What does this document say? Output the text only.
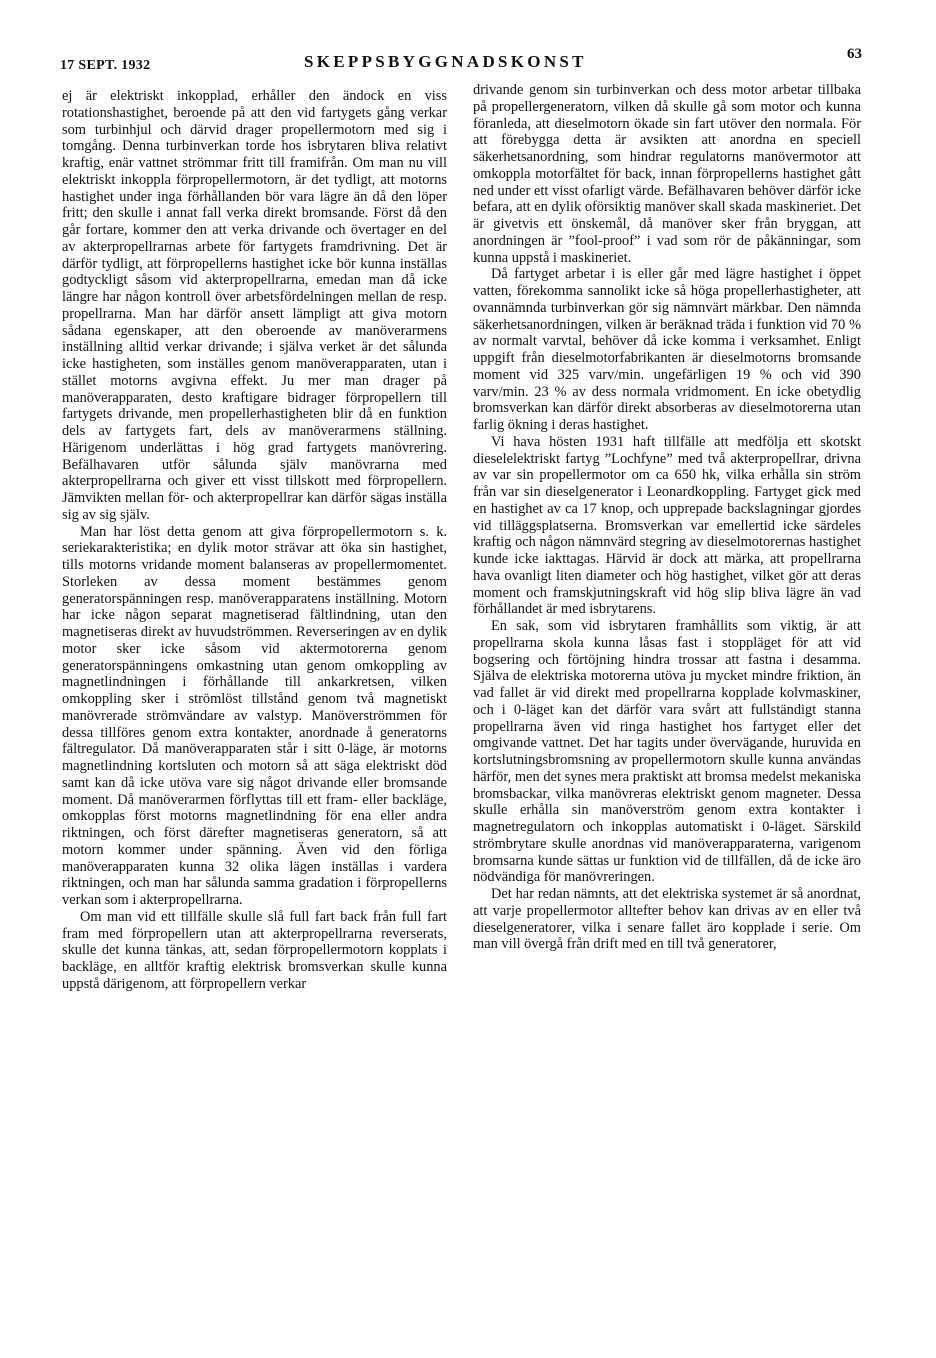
17 SEPT. 1932	SKEPPSBYGGNADSKONST	63

ej är elektriskt inkopplad, erhåller den ändock en viss rotationshastighet, beroende på att den vid fartygets gång verkar som turbinhjul och därvid drager propellermotorn med sig i tomgång. Denna turbinverkan torde hos isbrytaren bliva relativt kraftig, enär vattnet strömmar fritt till framifrån. Om man nu vill elektriskt inkoppla förpropellermotorn, är det tydligt, att motorns hastighet under inga förhållanden bör vara lägre än då den löper fritt; den skulle i annat fall verka direkt bromsande. Först då den går fortare, kommer den att verka drivande och övertager en del av akterpropellrarnas arbete för fartygets framdrivning. Det är därför tydligt, att förpropellerns hastighet icke bör kunna inställas godtyckligt såsom vid akterpropellrarna, emedan man då icke längre har någon kontroll över arbetsfördelningen mellan de resp. propellrarna. Man har därför ansett lämpligt att giva motorn sådana egenskaper, att den oberoende av manöverarmens inställning alltid verkar drivande; i själva verket är det sålunda icke hastigheten, som inställes genom manöverapparaten, utan i stället motorns avgivna effekt. Ju mer man drager på manöverapparaten, desto kraftigare bidrager förpropellern till fartygets drivande, men propellerhastigheten blir då en funktion dels av fartygets fart, dels av manöverarmens ställning. Härigenom underlättas i hög grad fartygets manövrering. Befälhavaren utför sålunda själv manövrarna med akterpropellrarna och giver ett visst tillskott med förpropellern. Jämvikten mellan för- och akterpropellrar kan därför sägas inställa sig av sig själv.

Man har löst detta genom att giva förpropellermotorn s. k. seriekarakteristika; en dylik motor strävar att öka sin hastighet, tills motorns vridande moment balanseras av propellermomentet. Storleken av dessa moment bestämmes genom generatorspänningen resp. manöverapparatens inställning. Motorn har icke någon separat magnetiserad fältlindning, utan den magnetiseras direkt av huvudströmmen. Reverseringen av en dylik motor sker icke såsom vid aktermotorerna genom generatorspänningens omkastning utan genom omkoppling av magnetlindningen i förhållande till ankarkretsen, vilken omkoppling sker i strömlöst tillstånd genom två magnetiskt manövrerade strömvändare av valstyp. Manöverströmmen för dessa tillföres genom extra kontakter, anordnade å generatorns fältregulator. Då manöverapparaten står i sitt 0-läge, är motorns magnetlindning kortsluten och motorn så att säga elektriskt död samt kan då icke utöva vare sig något drivande eller bromsande moment. Då manöverarmen förflyttas till ett fram- eller backläge, omkopplas först motorns magnetlindning för ena eller andra riktningen, och först därefter magnetiseras generatorn, så att motorn kommer under spänning. Även vid den förliga manöverapparaten kunna 32 olika lägen inställas i vardera riktningen, och man har sålunda samma gradation i förpropellerns verkan som i akterpropellrarna.

Om man vid ett tillfälle skulle slå full fart back från full fart fram med förpropellern utan att akterpropellrarna reverserats, skulle det kunna tänkas, att, sedan förpropellermotorn kopplats i backläge, en alltför kraftig elektrisk bromsverkan skulle kunna uppstå därigenom, att förpropellern verkar

drivande genom sin turbinverkan och dess motor arbetar tillbaka på propellergeneratorn, vilken då skulle gå som motor och kunna föranleda, att dieselmotorn ökade sin fart utöver den normala. För att förebygga detta är avsikten att anordna en speciell säkerhetsanordning, som hindrar regulatorns manövermotor att omkoppla motorfältet för back, innan förpropellerns hastighet gått ned under ett visst ofarligt värde. Befälhavaren behöver därför icke befara, att en dylik oförsiktig manöver skall skada maskineriet. Det är givetvis ett önskemål, då manöver sker från bryggan, att anordningen är ”fool-proof” i vad som rör de påkänningar, som kunna uppstå i maskineriet.

Då fartyget arbetar i is eller går med lägre hastighet i öppet vatten, förekomma sannolikt icke så höga propellerhastigheter, att ovannämnda turbinverkan gör sig nämnvärt märkbar. Den nämnda säkerhetsanordningen, vilken är beräknad träda i funktion vid 70 % av normalt varvtal, behöver då icke komma i verksamhet. Enligt uppgift från dieselmotorfabrikanten är dieselmotorns bromsande moment vid 325 varv/min. ungefärligen 19 % och vid 390 varv/min. 23 % av dess normala vridmoment. En icke obetydlig bromsverkan kan därför direkt absorberas av dieselmotorerna utan farlig ökning i deras hastighet.

Vi hava hösten 1931 haft tillfälle att medfölja ett skotskt dieselelektriskt fartyg ”Lochfyne” med två akterpropellrar, drivna av var sin propellermotor om ca 650 hk, vilka erhålla sin ström från var sin dieselgenerator i Leonardkoppling. Fartyget gick med en hastighet av ca 17 knop, och upprepade backslagningar gjordes vid tilläggsplatserna. Bromsverkan var emellertid icke särdeles kraftig och någon nämnvärd stegring av dieselmotorernas hastighet kunde icke iakttagas. Härvid är dock att märka, att propellrarna hava ovanligt liten diameter och hög hastighet, vilket gör att deras moment och framskjutningskraft vid hög slip bliva lägre än vad förhållandet är med isbrytarens.

En sak, som vid isbrytaren framhållits som viktig, är att propellrarna skola kunna låsas fast i stoppläget för att vid bogsering och förtöjning hindra trossar att fastna i desamma. Själva de elektriska motorerna utöva ju mycket mindre friktion, än vad fallet är vid direkt med propellrarna kopplade kolvmaskiner, och i 0-läget kan det därför vara svårt att fullständigt stanna propellrarna även vid ringa hastighet hos fartyget eller det omgivande vattnet. Det har tagits under övervägande, huruvida en kortslutningsbromsning av propellermotorn skulle kunna användas härför, men det synes mera praktiskt att bromsa medelst mekaniska bromsbackar, vilka manövreras elektriskt genom magneter. Dessa skulle erhålla sin manöverström genom extra kontakter i magnetregulatorn och inkopplas automatiskt i 0-läget. Särskild strömbrytare skulle anordnas vid manöverapparaterna, varigenom bromsarna kunde sättas ur funktion vid de tillfällen, då de icke äro nödvändiga för manövreringen.

Det har redan nämnts, att det elektriska systemet är så anordnat, att varje propellermotor alltefter behov kan drivas av en eller två dieselgeneratorer, vilka i senare fallet äro kopplade i serie. Om man vill övergå från drift med en till två generatorer,
